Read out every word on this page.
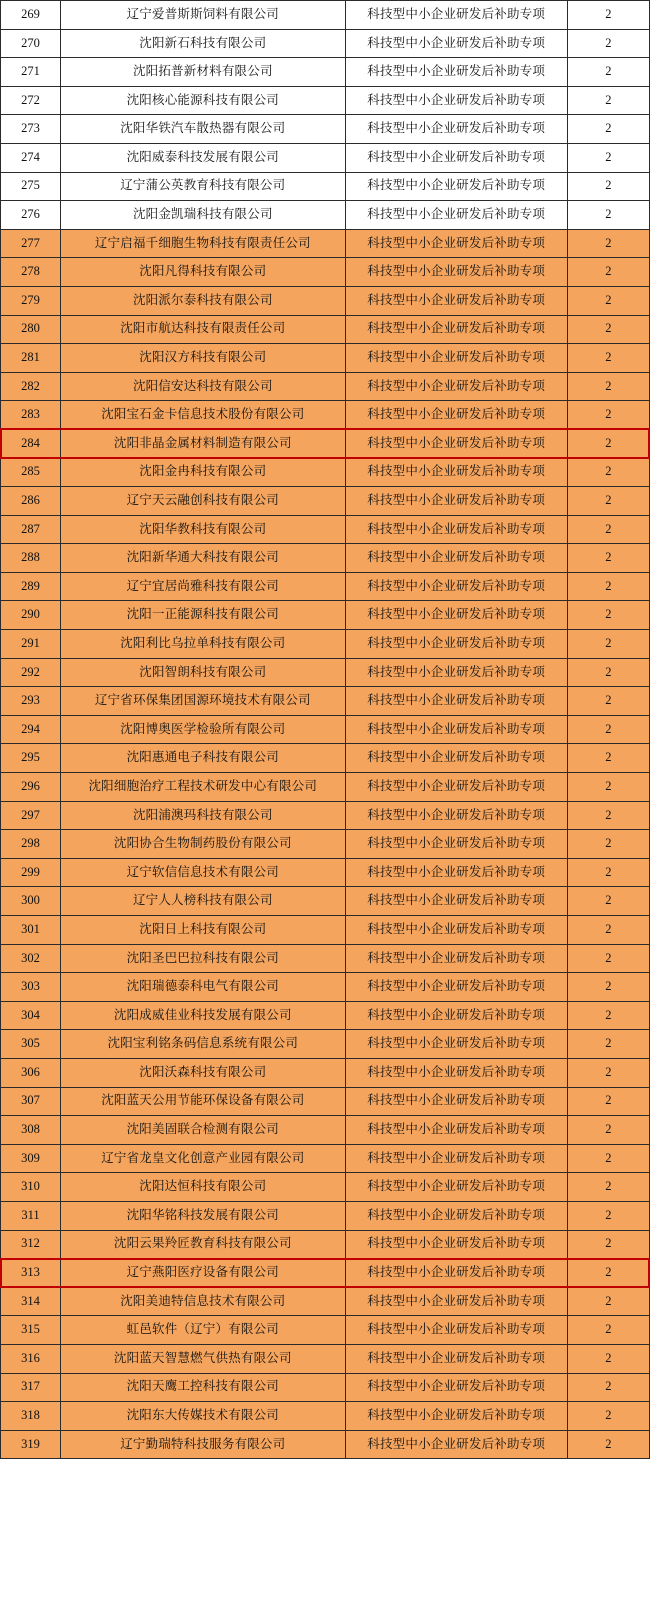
269	辽宁爱普斯斯饲料有限公司	科技型中小企业研发后补助专项	2
270	沈阳新石科技有限公司	科技型中小企业研发后补助专项	2
271	沈阳拓普新材料有限公司	科技型中小企业研发后补助专项	2
272	沈阳核心能源科技有限公司	科技型中小企业研发后补助专项	2
273	沈阳华铁汽车散热器有限公司	科技型中小企业研发后补助专项	2
274	沈阳威泰科技发展有限公司	科技型中小企业研发后补助专项	2
275	辽宁蒲公英教育科技有限公司	科技型中小企业研发后补助专项	2
276	沈阳金凯瑞科技有限公司	科技型中小企业研发后补助专项	2
277	辽宁启福千细胞生物科技有限责任公司	科技型中小企业研发后补助专项	2
278	沈阳凡得科技有限公司	科技型中小企业研发后补助专项	2
279	沈阳派尔泰科技有限公司	科技型中小企业研发后补助专项	2
280	沈阳市航达科技有限责任公司	科技型中小企业研发后补助专项	2
281	沈阳汉方科技有限公司	科技型中小企业研发后补助专项	2
282	沈阳信安达科技有限公司	科技型中小企业研发后补助专项	2
283	沈阳宝石金卡信息技术股份有限公司	科技型中小企业研发后补助专项	2
284	沈阳非晶金属材料制造有限公司	科技型中小企业研发后补助专项	2
285	沈阳金冉科技有限公司	科技型中小企业研发后补助专项	2
286	辽宁天云融创科技有限公司	科技型中小企业研发后补助专项	2
287	沈阳华教科技有限公司	科技型中小企业研发后补助专项	2
288	沈阳新华通大科技有限公司	科技型中小企业研发后补助专项	2
289	辽宁宜居尚雅科技有限公司	科技型中小企业研发后补助专项	2
290	沈阳一正能源科技有限公司	科技型中小企业研发后补助专项	2
291	沈阳利比乌拉单科技有限公司	科技型中小企业研发后补助专项	2
292	沈阳智朗科技有限公司	科技型中小企业研发后补助专项	2
293	辽宁省环保集团国源环境技术有限公司	科技型中小企业研发后补助专项	2
294	沈阳博奥医学检验所有限公司	科技型中小企业研发后补助专项	2
295	沈阳惠通电子科技有限公司	科技型中小企业研发后补助专项	2
296	沈阳细胞治疗工程技术研发中心有限公司	科技型中小企业研发后补助专项	2
297	沈阳浦澳玛科技有限公司	科技型中小企业研发后补助专项	2
298	沈阳协合生物制药股份有限公司	科技型中小企业研发后补助专项	2
299	辽宁软信信息技术有限公司	科技型中小企业研发后补助专项	2
300	辽宁人人榜科技有限公司	科技型中小企业研发后补助专项	2
301	沈阳日上科技有限公司	科技型中小企业研发后补助专项	2
302	沈阳圣巴巴拉科技有限公司	科技型中小企业研发后补助专项	2
303	沈阳瑞德泰科电气有限公司	科技型中小企业研发后补助专项	2
304	沈阳成威佳业科技发展有限公司	科技型中小企业研发后补助专项	2
305	沈阳宝利铭条码信息系统有限公司	科技型中小企业研发后补助专项	2
306	沈阳沃森科技有限公司	科技型中小企业研发后补助专项	2
307	沈阳蓝天公用节能环保设备有限公司	科技型中小企业研发后补助专项	2
308	沈阳美固联合检测有限公司	科技型中小企业研发后补助专项	2
309	辽宁省龙皇文化创意产业园有限公司	科技型中小企业研发后补助专项	2
310	沈阳达恒科技有限公司	科技型中小企业研发后补助专项	2
311	沈阳华铭科技发展有限公司	科技型中小企业研发后补助专项	2
312	沈阳云果羚匠教育科技有限公司	科技型中小企业研发后补助专项	2
313	辽宁燕阳医疗设备有限公司	科技型中小企业研发后补助专项	2
314	沈阳美迪特信息技术有限公司	科技型中小企业研发后补助专项	2
315	虹邑软件（辽宁）有限公司	科技型中小企业研发后补助专项	2
316	沈阳蓝天智慧燃气供热有限公司	科技型中小企业研发后补助专项	2
317	沈阳天鹰工控科技有限公司	科技型中小企业研发后补助专项	2
318	沈阳东大传媒技术有限公司	科技型中小企业研发后补助专项	2
319	辽宁勤瑞特科技服务有限公司	科技型中小企业研发后补助专项	2
